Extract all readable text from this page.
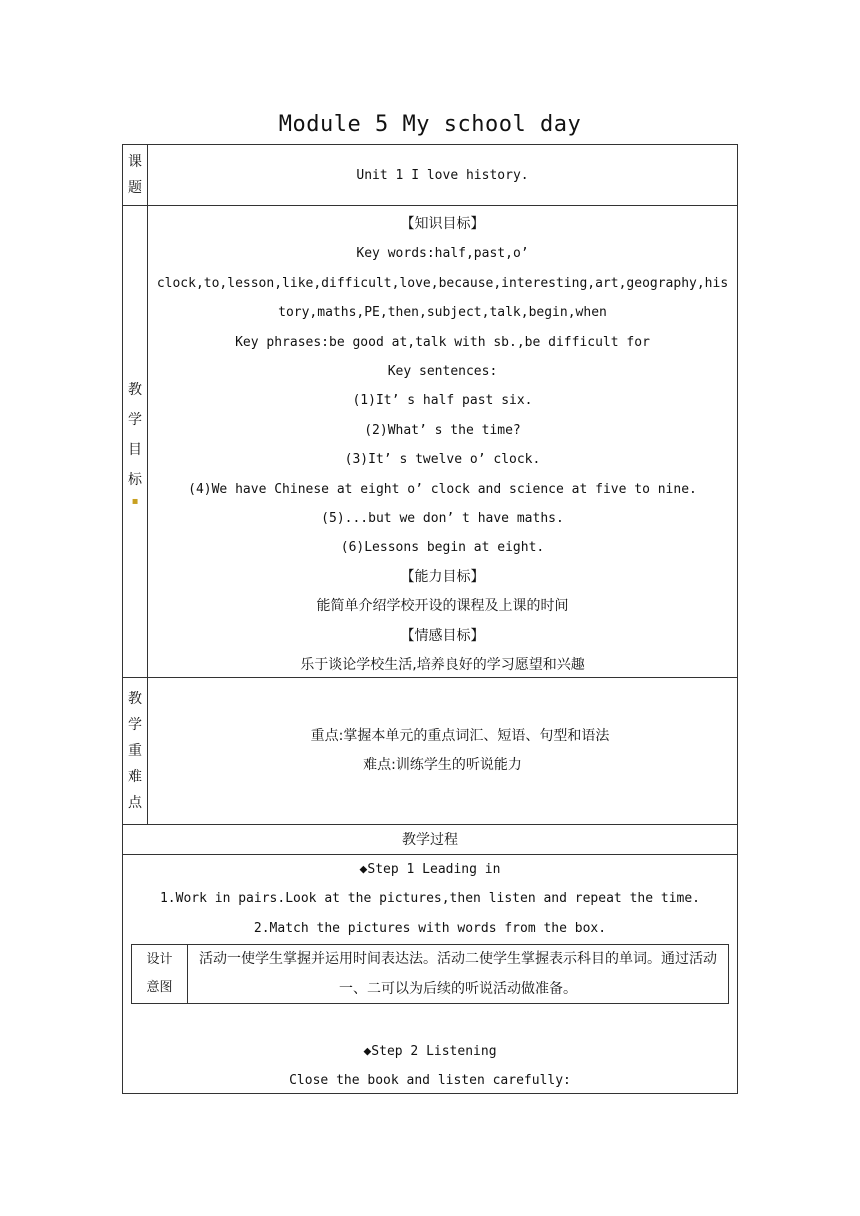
Module 5 My school day
课
题
Unit 1 I love history.
教
学
目
标
▪
【知识目标】
Key words:half,past,o’
clock,to,lesson,like,difficult,love,because,interesting,art,geography,history,maths,PE,then,subject,talk,begin,when
Key phrases:be good at,talk with sb.,be difficult for
Key sentences:
(1)It’ s half past six.
(2)What’ s the time?
(3)It’ s twelve o’ clock.
(4)We have Chinese at eight o’ clock and science at five to nine.
(5)...but we don’ t have maths.
(6)Lessons begin at eight.
【能力目标】
能简单介绍学校开设的课程及上课的时间
【情感目标】
乐于谈论学校生活,培养良好的学习愿望和兴趣
教
学
重
难
点
重点:掌握本单元的重点词汇、短语、句型和语法
难点:训练学生的听说能力
教学过程
◆Step 1 Leading in
1.Work in pairs.Look at the pictures,then listen and repeat the time.
2.Match the pictures with words from the box.
设计
意图
活动一使学生掌握并运用时间表达法。活动二使学生掌握表示科目的单词。通过活动一、二可以为后续的听说活动做准备。
◆Step 2 Listening
Close the book and listen carefully:
